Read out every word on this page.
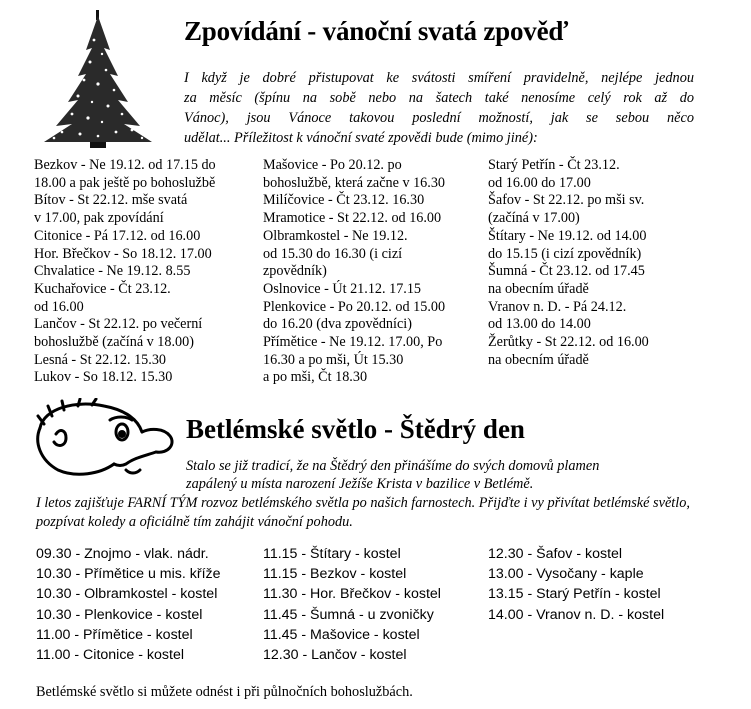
Zpovídání - vánoční svatá zpověď

I když je dobré přistupovat ke svátosti smíření pravidelně, nejlépe jednou
za měsíc (špínu na sobě nebo na šatech také nenosíme celý rok až do
Vánoc), jsou Vánoce takovou poslední možností, jak se sebou něco
udělat... Příležitost k vánoční svaté zpovědi bude (mimo jiné):

Bezkov - Ne 19.12. od 17.15 do
18.00 a pak ještě po bohoslužbě
Bítov - St 22.12. mše svatá
v 17.00, pak zpovídání
Citonice - Pá 17.12. od 16.00
Hor. Břečkov - So 18.12. 17.00
Chvalatice - Ne 19.12. 8.55
Kuchařovice - Čt 23.12.
od 16.00
Lančov - St 22.12. po večerní
bohoslužbě (začíná v 18.00)
Lesná - St 22.12. 15.30
Lukov - So 18.12. 15.30
Mašovice - Po 20.12. po
bohoslužbě, která začne v 16.30
Milíčovice - Čt 23.12. 16.30
Mramotice - St 22.12. od 16.00
Olbramkostel - Ne 19.12.
od 15.30 do 16.30 (i cizí
zpovědník)
Oslnovice - Út 21.12. 17.15
Plenkovice - Po 20.12. od 15.00
do 16.20 (dva zpovědníci)
Přímětice - Ne 19.12. 17.00, Po
16.30 a po mši, Út 15.30
a po mši, Čt 18.30
Starý Petřín - Čt 23.12.
od 16.00 do 17.00
Šafov - St 22.12. po mši sv.
(začíná v 17.00)
Štítary - Ne 19.12. od 14.00
do 15.15 (i cizí zpovědník)
Šumná - Čt 23.12. od 17.45
na obecním úřadě
Vranov n. D. - Pá 24.12.
od 13.00 do 14.00
Žerůtky - St 22.12. od 16.00
na obecním úřadě
Betlémské světlo - Štědrý den

Stalo se již tradicí, že na Štědrý den přinášíme do svých domovů plamen
zapálený u místa narození Ježíše Krista v bazilice v Betlémě.

I letos zajišťuje FARNÍ TÝM rozvoz betlémského světla po našich farnostech. Přijďte i vy přivítat betlémské světlo, pozpívat koledy a oficiálně tím zahájit vánoční pohodu.

09.30 - Znojmo - vlak. nádr.
10.30 - Přímětice u mis. kříže
10.30 - Olbramkostel - kostel
10.30 - Plenkovice - kostel
11.00 - Přímětice - kostel
11.00 - Citonice - kostel
11.15 - Štítary - kostel
11.15 - Bezkov - kostel
11.30 - Hor. Břečkov - kostel
11.45 - Šumná - u zvoničky
11.45 - Mašovice - kostel
12.30 - Lančov - kostel
12.30 - Šafov - kostel
13.00 - Vysočany - kaple
13.15 - Starý Petřín - kostel
14.00 - Vranov n. D. - kostel

Betlémské světlo si můžete odnést i při půlnočních bohoslužbách.
